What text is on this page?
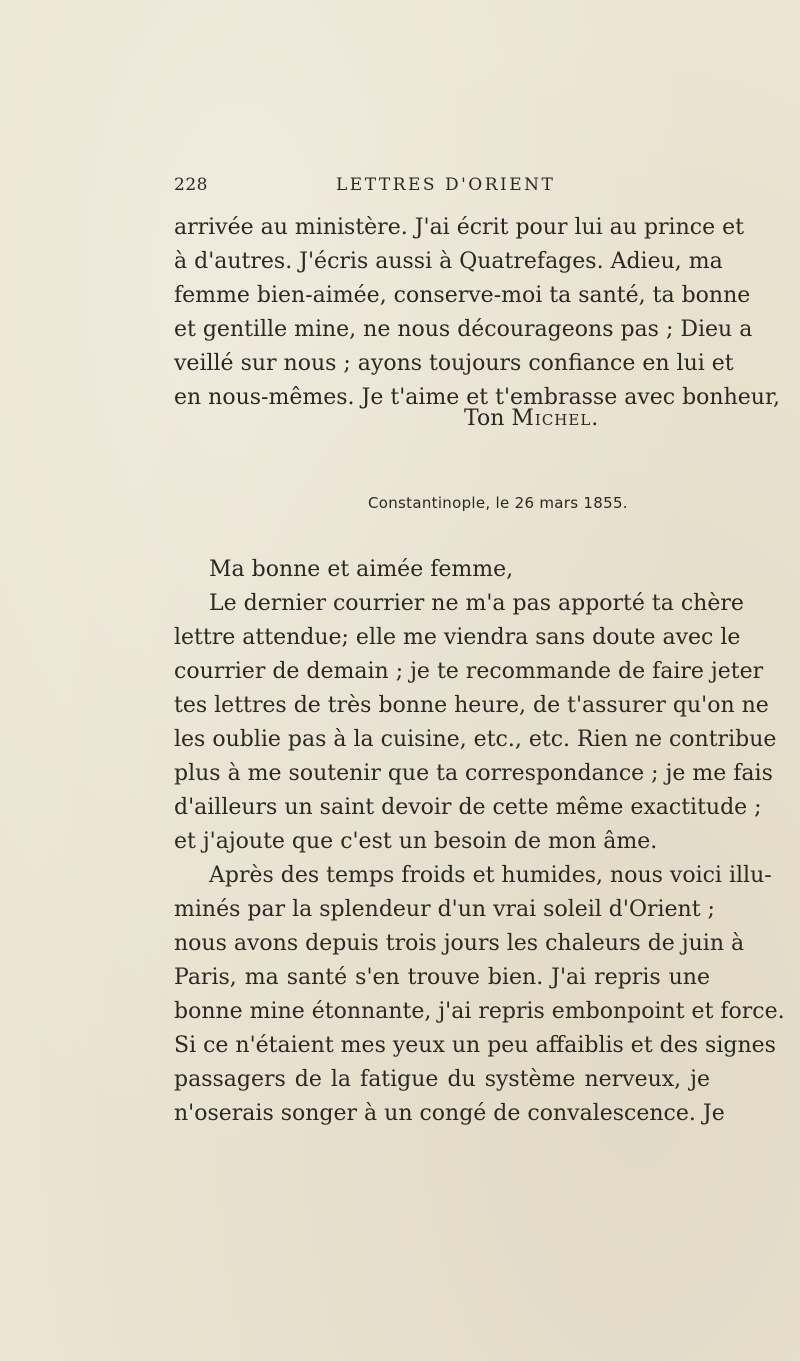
228	LETTRES D'ORIENT
arrivée au ministère. J'ai écrit pour lui au prince et
à d'autres. J'écris aussi à Quatrefages. Adieu, ma
femme bien-aimée, conserve-moi ta santé, ta bonne
et gentille mine, ne nous décourageons pas ; Dieu a
veillé sur nous ; ayons toujours confiance en lui et
en nous-mêmes. Je t'aime et t'embrasse avec bonheur,
Ton Michel.
Constantinople, le 26 mars 1855.
Ma bonne et aimée femme,
Le dernier courrier ne m'a pas apporté ta chère
lettre attendue; elle me viendra sans doute avec le
courrier de demain ; je te recommande de faire jeter
tes lettres de très bonne heure, de t'assurer qu'on ne
les oublie pas à la cuisine, etc., etc. Rien ne contribue
plus à me soutenir que ta correspondance ; je me fais
d'ailleurs un saint devoir de cette même exactitude ;
et j'ajoute que c'est un besoin de mon âme.
Après des temps froids et humides, nous voici illu-
minés par la splendeur d'un vrai soleil d'Orient ;
nous avons depuis trois jours les chaleurs de juin à
Paris, ma santé s'en trouve bien. J'ai repris une
bonne mine étonnante, j'ai repris embonpoint et force.
Si ce n'étaient mes yeux un peu affaiblis et des signes
passagers de la fatigue du système nerveux, je
n'oserais songer à un congé de convalescence. Je
